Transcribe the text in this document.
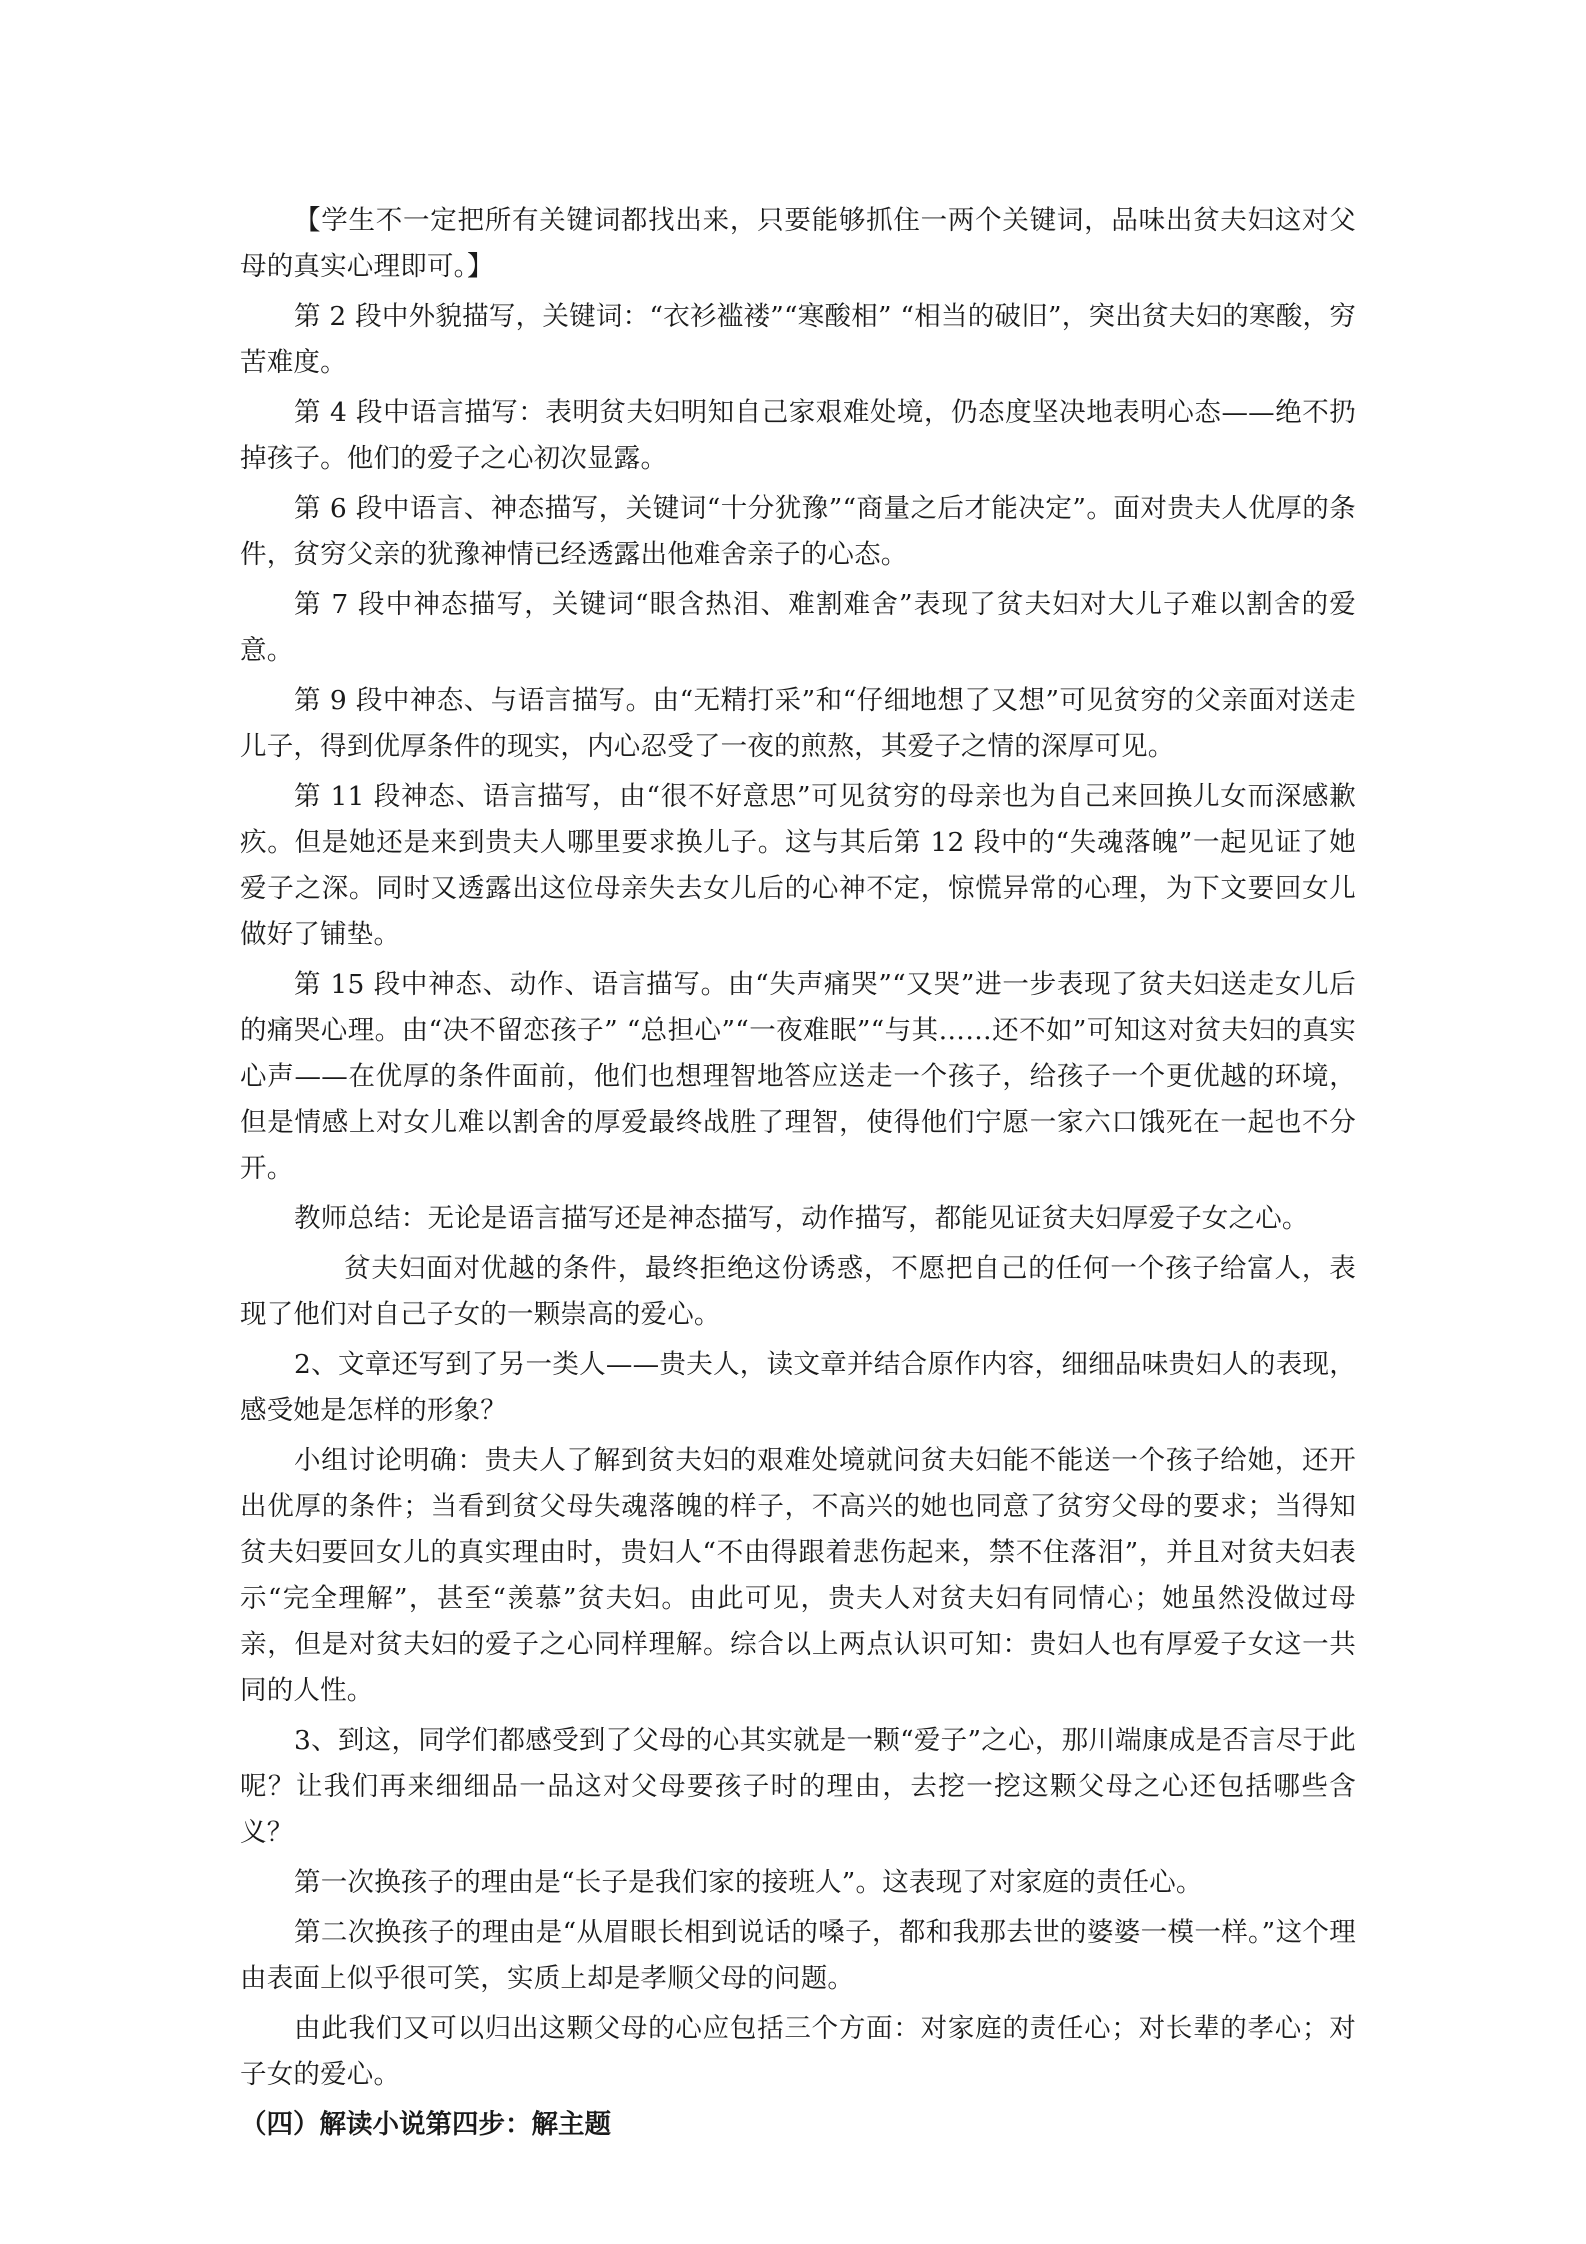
【学生不一定把所有关键词都找出来，只要能够抓住一两个关键词，品味出贫夫妇这对父母的真实心理即可。】

第 2 段中外貌描写，关键词：“衣衫褴褛”“寒酸相” “相当的破旧”，突出贫夫妇的寒酸，穷苦难度。

第 4 段中语言描写：表明贫夫妇明知自己家艰难处境，仍态度坚决地表明心态——绝不扔掉孩子。他们的爱子之心初次显露。

第 6 段中语言、神态描写，关键词“十分犹豫”“商量之后才能决定”。面对贵夫人优厚的条件，贫穷父亲的犹豫神情已经透露出他难舍亲子的心态。

第 7 段中神态描写，关键词“眼含热泪、难割难舍”表现了贫夫妇对大儿子难以割舍的爱意。

第 9 段中神态、与语言描写。由“无精打采”和“仔细地想了又想”可见贫穷的父亲面对送走儿子，得到优厚条件的现实，内心忍受了一夜的煎熬，其爱子之情的深厚可见。

第 11 段神态、语言描写，由“很不好意思”可见贫穷的母亲也为自己来回换儿女而深感歉疚。但是她还是来到贵夫人哪里要求换儿子。这与其后第 12 段中的“失魂落魄”一起见证了她爱子之深。同时又透露出这位母亲失去女儿后的心神不定，惊慌异常的心理，为下文要回女儿做好了铺垫。

第 15 段中神态、动作、语言描写。由“失声痛哭”“又哭”进一步表现了贫夫妇送走女儿后的痛哭心理。由“决不留恋孩子” “总担心”“一夜难眠”“与其……还不如”可知这对贫夫妇的真实心声——在优厚的条件面前，他们也想理智地答应送走一个孩子，给孩子一个更优越的环境，但是情感上对女儿难以割舍的厚爱最终战胜了理智，使得他们宁愿一家六口饿死在一起也不分开。

教师总结：无论是语言描写还是神态描写，动作描写，都能见证贫夫妇厚爱子女之心。

贫夫妇面对优越的条件，最终拒绝这份诱惑，不愿把自己的任何一个孩子给富人，表现了他们对自己子女的一颗崇高的爱心。

2、文章还写到了另一类人——贵夫人，读文章并结合原作内容，细细品味贵妇人的表现，感受她是怎样的形象？

小组讨论明确：贵夫人了解到贫夫妇的艰难处境就问贫夫妇能不能送一个孩子给她，还开出优厚的条件；当看到贫父母失魂落魄的样子，不高兴的她也同意了贫穷父母的要求；当得知贫夫妇要回女儿的真实理由时，贵妇人“不由得跟着悲伤起来，禁不住落泪”，并且对贫夫妇表示“完全理解”，甚至“羡慕”贫夫妇。由此可见，贵夫人对贫夫妇有同情心；她虽然没做过母亲，但是对贫夫妇的爱子之心同样理解。综合以上两点认识可知：贵妇人也有厚爱子女这一共同的人性。

3、到这，同学们都感受到了父母的心其实就是一颗“爱子”之心，那川端康成是否言尽于此呢？让我们再来细细品一品这对父母要孩子时的理由，去挖一挖这颗父母之心还包括哪些含义？

第一次换孩子的理由是“长子是我们家的接班人”。这表现了对家庭的责任心。

第二次换孩子的理由是“从眉眼长相到说话的嗓子，都和我那去世的婆婆一模一样。”这个理由表面上似乎很可笑，实质上却是孝顺父母的问题。

由此我们又可以归出这颗父母的心应包括三个方面：对家庭的责任心；对长辈的孝心；对子女的爱心。

（四）解读小说第四步：解主题
